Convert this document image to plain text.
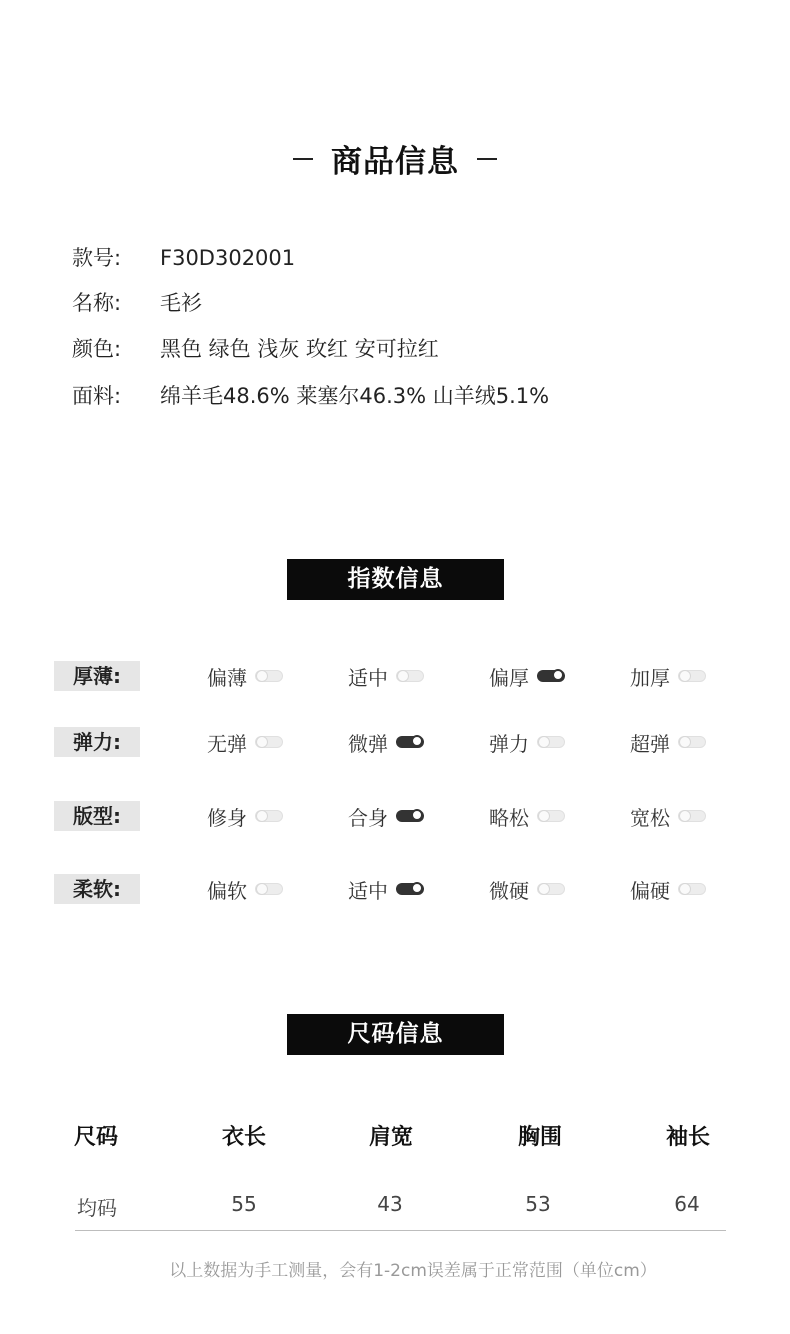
商品信息
款号:	F30D302001
名称:	毛衫
颜色:	黑色 绿色 浅灰 玫红 安可拉红
面料:	绵羊毛48.6% 莱塞尔46.3% 山羊绒5.1%
指数信息
厚薄:	偏薄	适中	偏厚	加厚
弹力:	无弹	微弹	弹力	超弹
版型:	修身	合身	略松	宽松
柔软:	偏软	适中	微硬	偏硬
尺码信息
尺码	衣长	肩宽	胸围	袖长
均码	55	43	53	64
以上数据为手工测量，会有1-2cm误差属于正常范围（单位cm）
